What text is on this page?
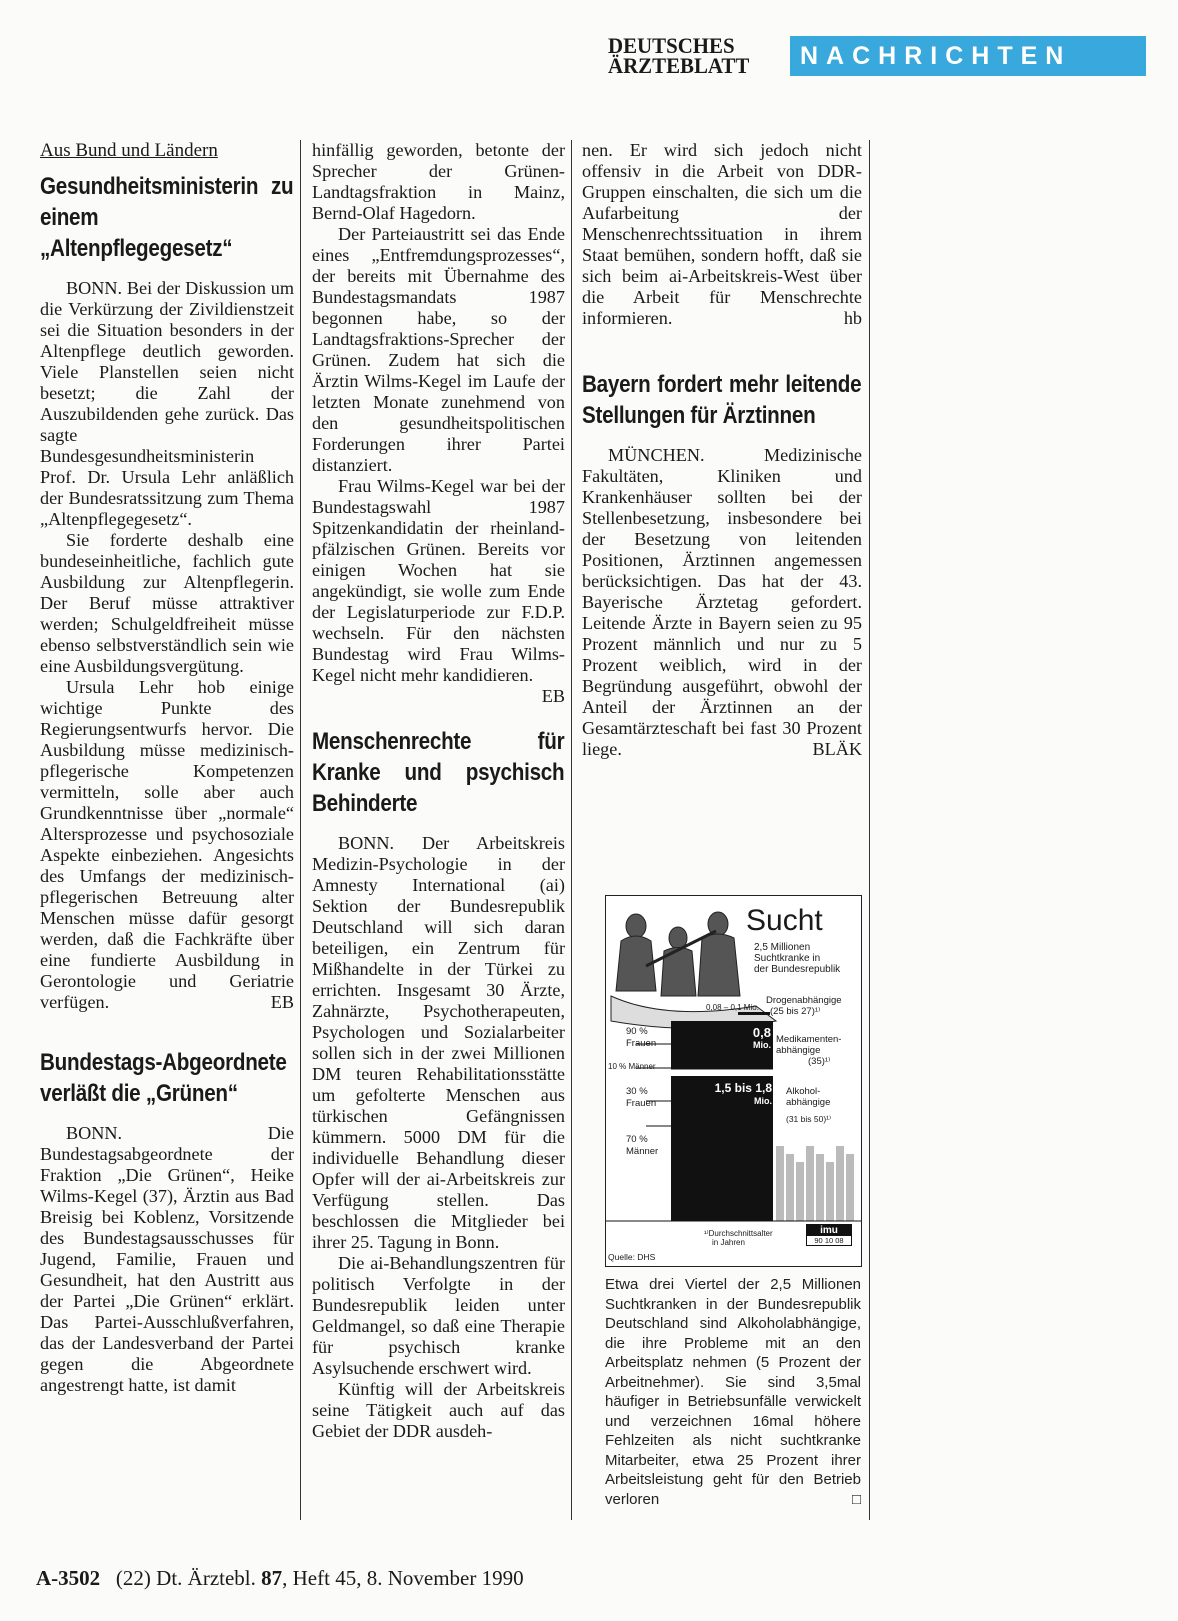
DEUTSCHES
ÄRZTEBLATT	NACHRICHTEN

Aus Bund und Ländern

Gesundheitsministerin zu einem „Altenpflegegesetz“

BONN. Bei der Diskussion um die Verkürzung der Zivildienstzeit sei die Situation besonders in der Altenpflege deutlich geworden. Viele Planstellen seien nicht besetzt; die Zahl der Auszubildenden gehe zurück. Das sagte Bundesgesundheitsministerin Prof. Dr. Ursula Lehr anläßlich der Bundesratssitzung zum Thema „Altenpflegegesetz“.

Sie forderte deshalb eine bundeseinheitliche, fachlich gute Ausbildung zur Altenpflegerin. Der Beruf müsse attraktiver werden; Schulgeldfreiheit müsse ebenso selbstverständlich sein wie eine Ausbildungsvergütung.

Ursula Lehr hob einige wichtige Punkte des Regierungsentwurfs hervor. Die Ausbildung müsse medizinisch-pflegerische Kompetenzen vermitteln, solle aber auch Grundkenntnisse über „normale“ Altersprozesse und psychosoziale Aspekte einbeziehen. Angesichts des Umfangs der medizinisch-pflegerischen Betreuung alter Menschen müsse dafür gesorgt werden, daß die Fachkräfte über eine fundierte Ausbildung in Gerontologie und Geriatrie verfügen.	EB

Bundestags-Abgeordnete verläßt die „Grünen“

BONN. Die Bundestagsabgeordnete der Fraktion „Die Grünen“, Heike Wilms-Kegel (37), Ärztin aus Bad Breisig bei Koblenz, Vorsitzende des Bundestagsausschusses für Jugend, Familie, Frauen und Gesundheit, hat den Austritt aus der Partei „Die Grünen“ erklärt. Das Partei-Ausschlußverfahren, das der Landesverband der Partei gegen die Abgeordnete angestrengt hatte, ist damit

hinfällig geworden, betonte der Sprecher der Grünen-Landtagsfraktion in Mainz, Bernd-Olaf Hagedorn.

Der Parteiaustritt sei das Ende eines „Entfremdungsprozesses“, der bereits mit Übernahme des Bundestagsmandats 1987 begonnen habe, so der Landtagsfraktions-Sprecher der Grünen. Zudem hat sich die Ärztin Wilms-Kegel im Laufe der letzten Monate zunehmend von den gesundheitspolitischen Forderungen ihrer Partei distanziert.

Frau Wilms-Kegel war bei der Bundestagswahl 1987 Spitzenkandidatin der rheinland-pfälzischen Grünen. Bereits vor einigen Wochen hat sie angekündigt, sie wolle zum Ende der Legislaturperiode zur F.D.P. wechseln. Für den nächsten Bundestag wird Frau Wilms-Kegel nicht mehr kandidieren.
EB

Menschenrechte für Kranke und psychisch Behinderte

BONN. Der Arbeitskreis Medizin-Psychologie in der Amnesty International (ai) Sektion der Bundesrepublik Deutschland will sich daran beteiligen, ein Zentrum für Mißhandelte in der Türkei zu errichten. Insgesamt 30 Ärzte, Zahnärzte, Psychotherapeuten, Psychologen und Sozialarbeiter sollen sich in der zwei Millionen DM teuren Rehabilitationsstätte um gefolterte Menschen aus türkischen Gefängnissen kümmern. 5000 DM für die individuelle Behandlung dieser Opfer will der ai-Arbeitskreis zur Verfügung stellen. Das beschlossen die Mitglieder bei ihrer 25. Tagung in Bonn.

Die ai-Behandlungszentren für politisch Verfolgte in der Bundesrepublik leiden unter Geldmangel, so daß eine Therapie für psychisch kranke Asylsuchende erschwert wird.

Künftig will der Arbeitskreis seine Tätigkeit auch auf das Gebiet der DDR ausdeh-

nen. Er wird sich jedoch nicht offensiv in die Arbeit von DDR-Gruppen einschalten, die sich um die Aufarbeitung der Menschenrechtssituation in ihrem Staat bemühen, sondern hofft, daß sie sich beim ai-Arbeitskreis-West über die Arbeit für Menschrechte informieren.	hb

Bayern fordert mehr leitende Stellungen für Ärztinnen

MÜNCHEN. Medizinische Fakultäten, Kliniken und Krankenhäuser sollten bei der Stellenbesetzung, insbesondere bei der Besetzung von leitenden Positionen, Ärztinnen angemessen berücksichtigen. Das hat der 43. Bayerische Ärztetag gefordert. Leitende Ärzte in Bayern seien zu 95 Prozent männlich und nur zu 5 Prozent weiblich, wird in der Begründung ausgeführt, obwohl der Anteil der Ärztinnen an der Gesamtärzteschaft bei fast 30 Prozent liege.	BLÄK

Sucht
2,5 Millionen
Suchtkranke in
der Bundesrepublik
0,08 – 0,1 Mio.
Drogenabhängige
(25 bis 27)¹⁾
0,8
Mio. Medikamenten-
abhängige
(35)¹⁾
90 %
Frauen
10 % Männer
1,5 bis 1,8
Mio.
Alkohol-
abhängige
(31 bis 50)¹⁾
30 %
Frauen
70 %
Männer
¹⁾Durchschnittsalter
in Jahren
Quelle: DHS
imu
90 10 08
Etwa drei Viertel der 2,5 Millionen Suchtkranken in der Bundesrepublik Deutschland sind Alkoholabhängige, die ihre Probleme mit an den Arbeitsplatz nehmen (5 Prozent der Arbeitnehmer). Sie sind 3,5mal häufiger in Betriebsunfälle verwickelt und verzeichnen 16mal höhere Fehlzeiten als nicht suchtkranke Mitarbeiter, etwa 25 Prozent ihrer Arbeitsleistung geht für den Betrieb verloren	□

A-3502 (22) Dt. Ärztebl. 87, Heft 45, 8. November 1990
